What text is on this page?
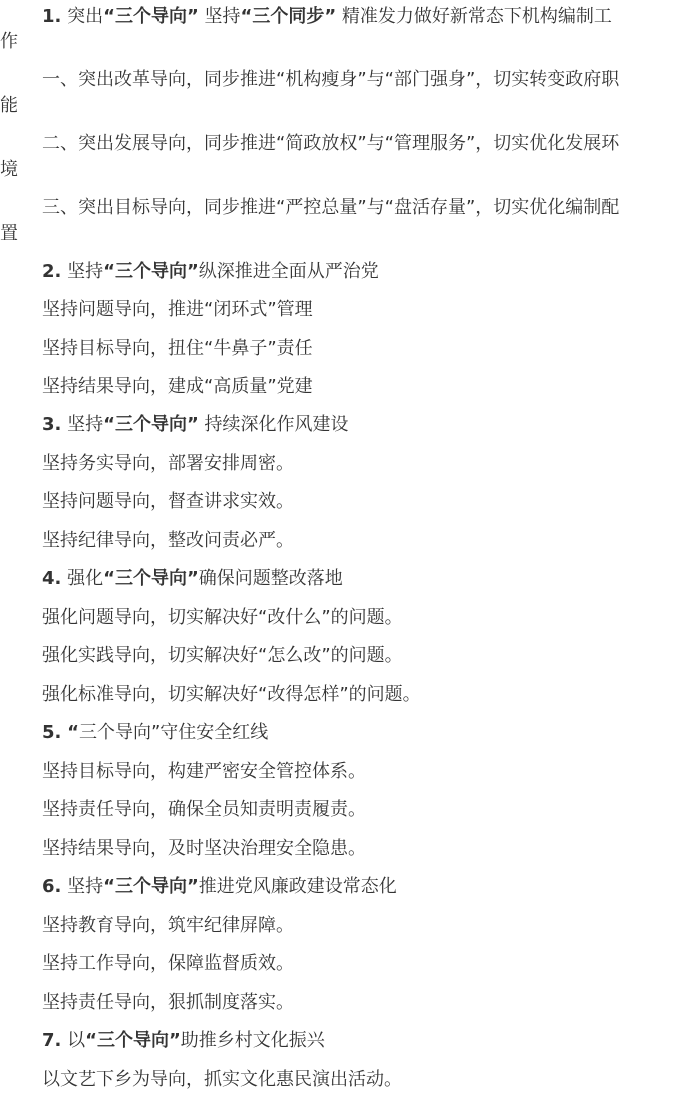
1. 突出“三个导向” 坚持“三个同步” 精准发力做好新常态下机构编制工
作
一、突出改革导向，同步推进“机构瘦身”与“部门强身”，切实转变政府职
能
二、突出发展导向，同步推进“简政放权”与“管理服务”，切实优化发展环
境
三、突出目标导向，同步推进“严控总量”与“盘活存量”，切实优化编制配
置
2. 坚持“三个导向”纵深推进全面从严治党
坚持问题导向，推进“闭环式”管理
坚持目标导向，扭住“牛鼻子”责任
坚持结果导向，建成“高质量”党建
3. 坚持“三个导向” 持续深化作风建设
坚持务实导向，部署安排周密。
坚持问题导向，督查讲求实效。
坚持纪律导向，整改问责必严。
4. 强化“三个导向”确保问题整改落地
强化问题导向，切实解决好“改什么”的问题。
强化实践导向，切实解决好“怎么改”的问题。
强化标准导向，切实解决好“改得怎样”的问题。
5. “三个导向”守住安全红线
坚持目标导向，构建严密安全管控体系。
坚持责任导向，确保全员知责明责履责。
坚持结果导向，及时坚决治理安全隐患。
6. 坚持“三个导向”推进党风廉政建设常态化
坚持教育导向，筑牢纪律屏障。
坚持工作导向，保障监督质效。
坚持责任导向，狠抓制度落实。
7. 以“三个导向”助推乡村文化振兴
以文艺下乡为导向，抓实文化惠民演出活动。
